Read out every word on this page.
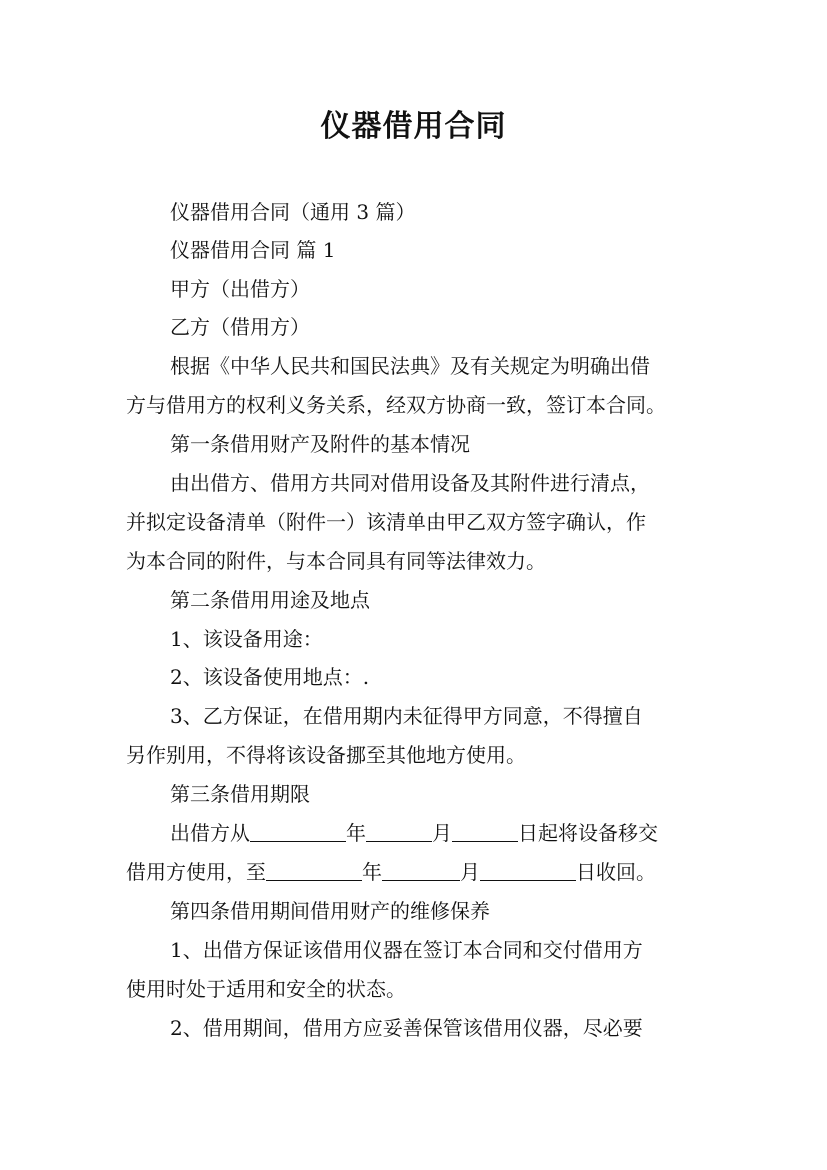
仪器借用合同
仪器借用合同（通用 3 篇）
仪器借用合同 篇 1
甲方（出借方）
乙方（借用方）
根据《中华人民共和国民法典》及有关规定为明确出借
方与借用方的权利义务关系，经双方协商一致，签订本合同。
第一条借用财产及附件的基本情况
由出借方、借用方共同对借用设备及其附件进行清点，
并拟定设备清单（附件一）该清单由甲乙双方签字确认，作
为本合同的附件，与本合同具有同等法律效力。
第二条借用用途及地点
1、该设备用途：
2、该设备使用地点：.
3、乙方保证，在借用期内未征得甲方同意，不得擅自
另作别用，不得将该设备挪至其他地方使用。
第三条借用期限
出借方从	年	月	日起将设备移交
借用方使用，至	年	月	日收回。
第四条借用期间借用财产的维修保养
1、出借方保证该借用仪器在签订本合同和交付借用方
使用时处于适用和安全的状态。
2、借用期间，借用方应妥善保管该借用仪器，尽必要
